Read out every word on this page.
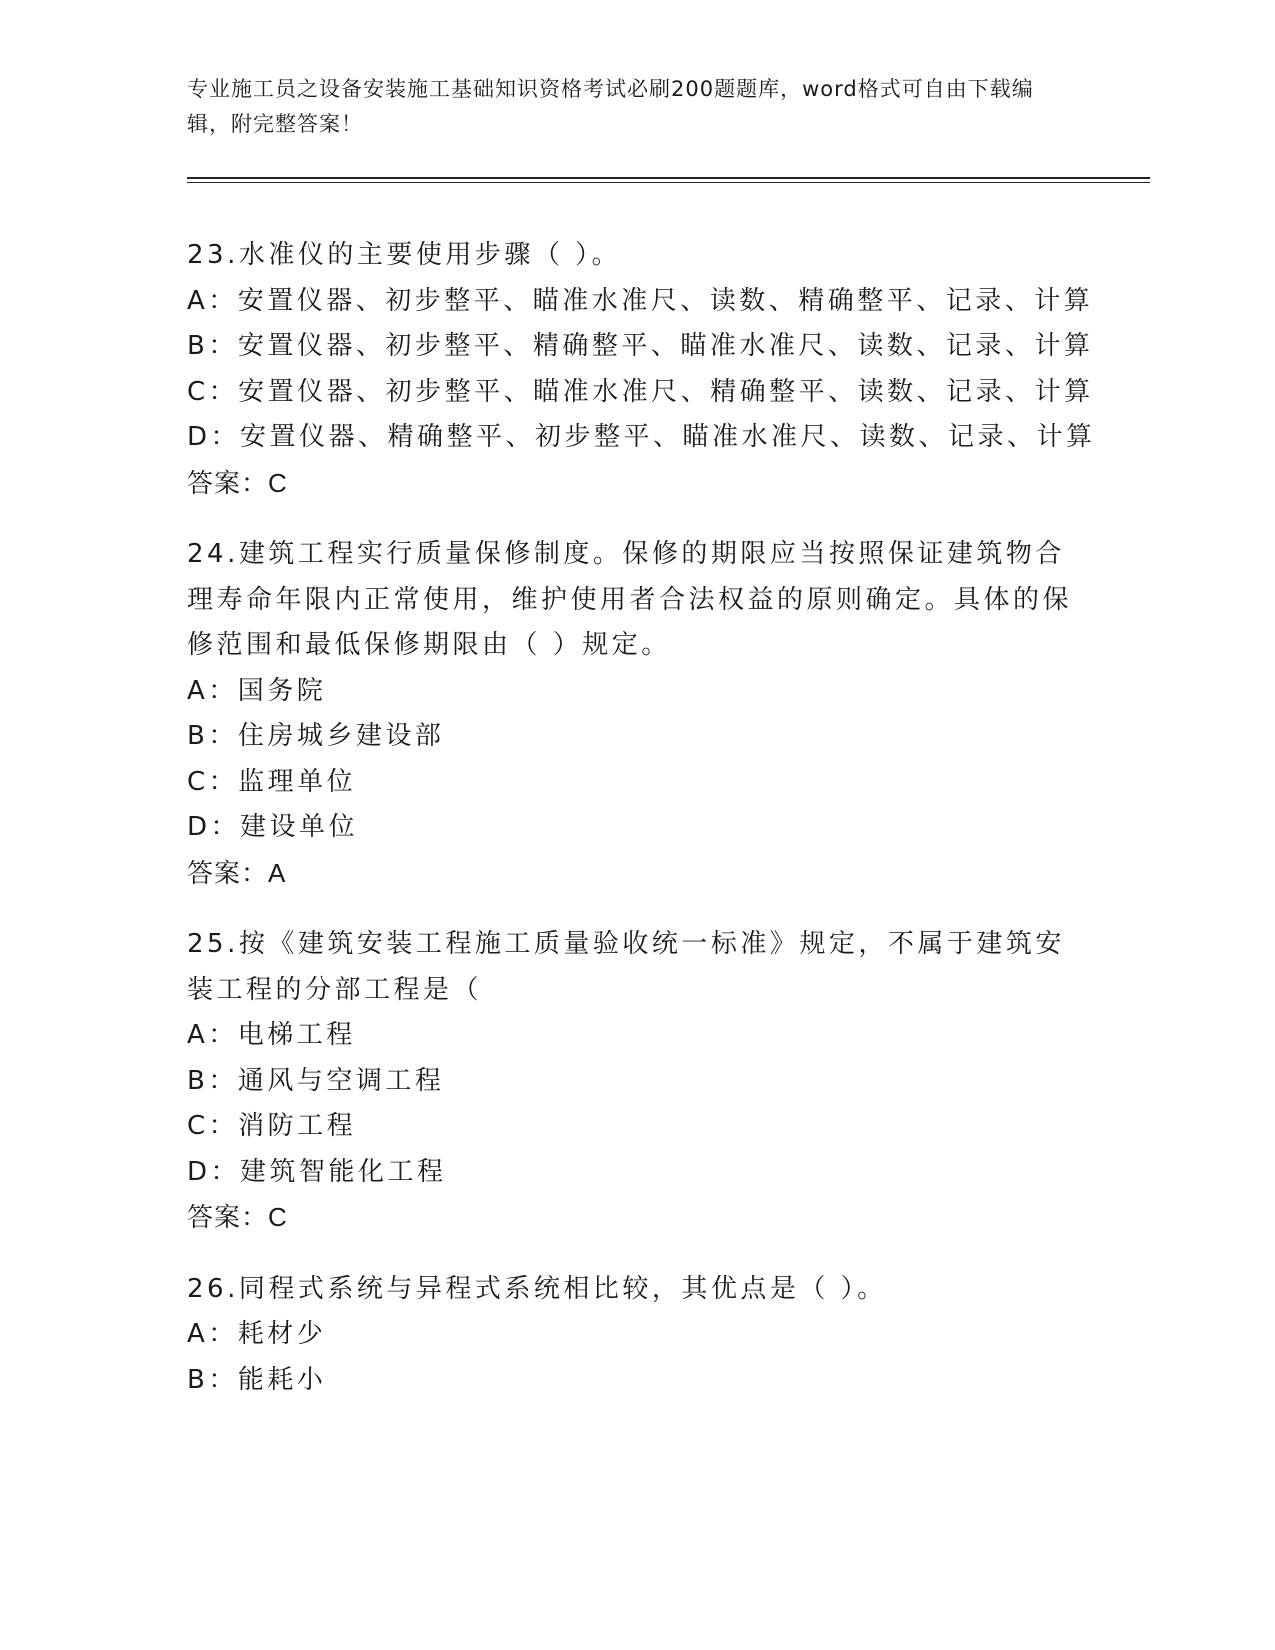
专业施工员之设备安装施工基础知识资格考试必刷200题题库，word格式可自由下载编辑，附完整答案！
23.水准仪的主要使用步骤（ ）。
A：安置仪器、初步整平、瞄准水准尺、读数、精确整平、记录、计算
B：安置仪器、初步整平、精确整平、瞄准水准尺、读数、记录、计算
C：安置仪器、初步整平、瞄准水准尺、精确整平、读数、记录、计算
D：安置仪器、精确整平、初步整平、瞄准水准尺、读数、记录、计算
答案：C
24.建筑工程实行质量保修制度。保修的期限应当按照保证建筑物合理寿命年限内正常使用，维护使用者合法权益的原则确定。具体的保修范围和最低保修期限由（ ）规定。
A：国务院
B：住房城乡建设部
C：监理单位
D：建设单位
答案：A
25.按《建筑安装工程施工质量验收统一标准》规定，不属于建筑安装工程的分部工程是（
A：电梯工程
B：通风与空调工程
C：消防工程
D：建筑智能化工程
答案：C
26.同程式系统与异程式系统相比较，其优点是（ ）。
A：耗材少
B：能耗小
